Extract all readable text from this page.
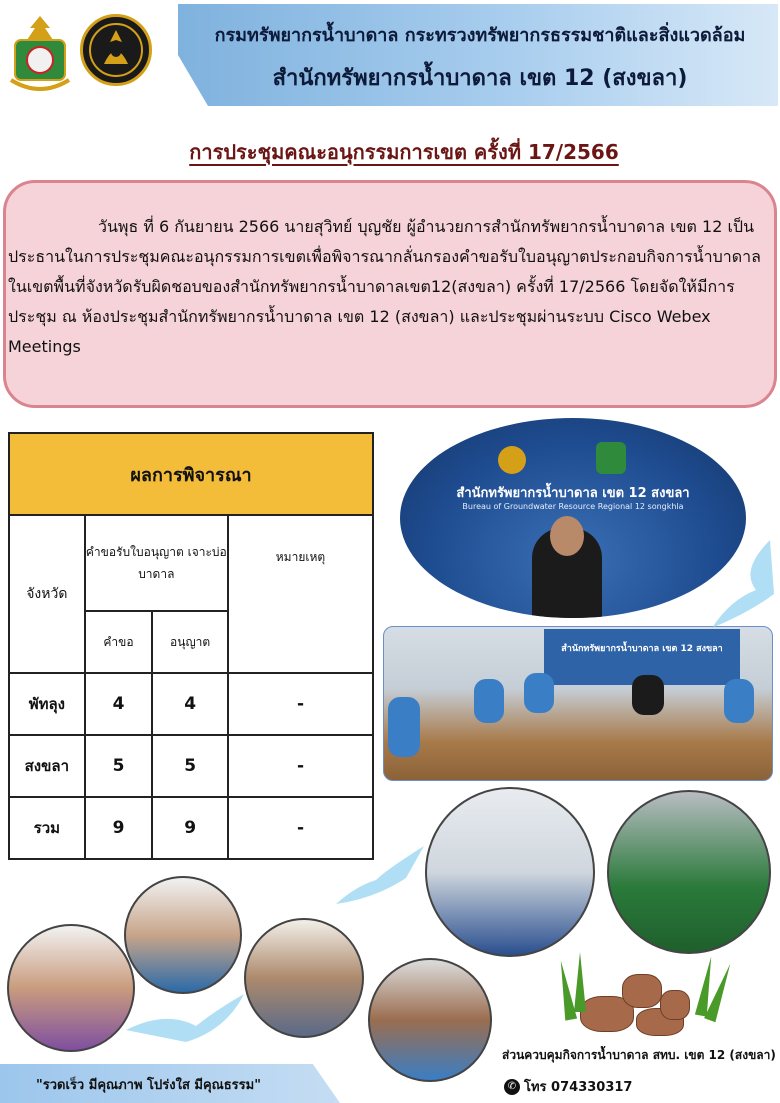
กรมทรัพยากรน้ำบาดาล กระทรวงทรัพยากรธรรมชาติและสิ่งแวดล้อม
สำนักทรัพยากรน้ำบาดาล เขต 12 (สงขลา)
การประชุมคณะอนุกรรมการเขต ครั้งที่ 17/2566
วันพุธ ที่ 6 กันยายน 2566 นายสุวิทย์ บุญชัย ผู้อำนวยการสำนักทรัพยากรน้ำบาดาล เขต 12 เป็นประธานในการประชุมคณะอนุกรรมการเขตเพื่อพิจารณากลั่นกรองคำขอรับใบอนุญาตประกอบกิจการน้ำบาดาลในเขตพื้นที่จังหวัดรับผิดชอบของสำนักทรัพยากรน้ำบาดาลเขต12(สงขลา) ครั้งที่ 17/2566 โดยจัดให้มีการประชุม ณ ห้องประชุมสำนักทรัพยากรน้ำบาดาล เขต 12 (สงขลา) และประชุมผ่านระบบ Cisco Webex Meetings
ผลการพิจารณา			
จังหวัด	คำขอรับใบอนุญาต เจาะบ่อบาดาล		หมายเหตุ
	คำขอ	อนุญาต	
พัทลุง	4	4	-
สงขลา	5	5	-
รวม	9	9	-
สำนักทรัพยากรน้ำบาดาล เขต 12 สงขลา
Bureau of Groundwater Resource Regional 12 songkhla
สำนักทรัพยากรน้ำบาดาล เขต 12 สงขลา
"รวดเร็ว มีคุณภาพ โปร่งใส มีคุณธรรม"
ส่วนควบคุมกิจการน้ำบาดาล สทบ. เขต 12 (สงขลา)
✆ โทร 074330317
